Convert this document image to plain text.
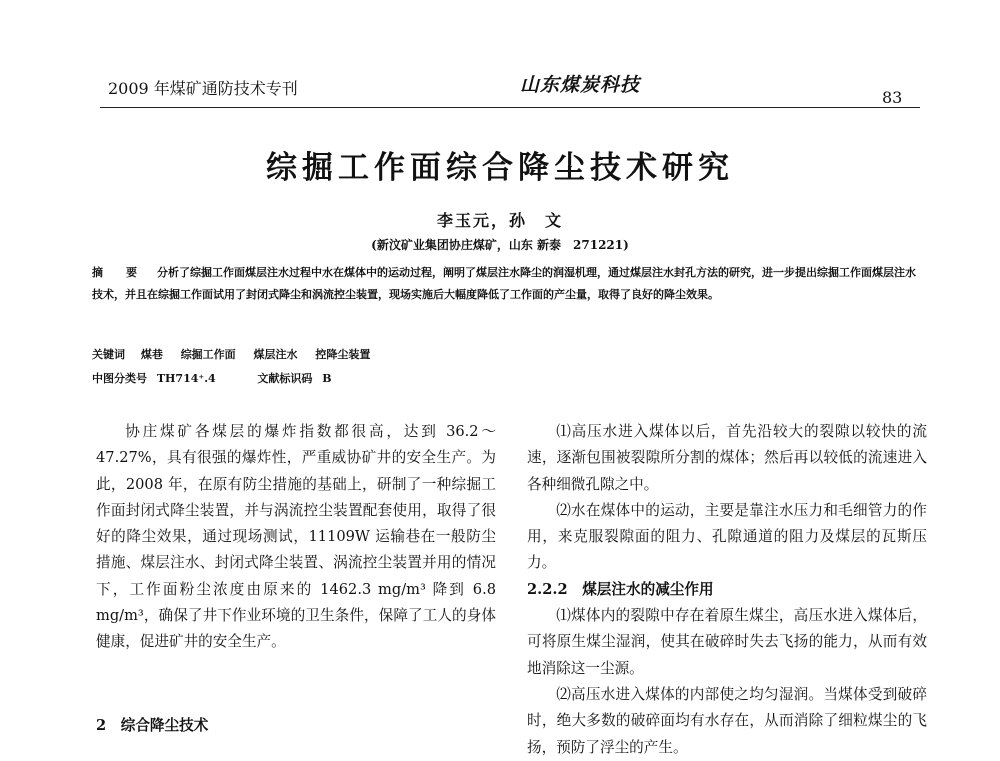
2009 年煤矿通防技术专刊	山东煤炭科技
83
综掘工作面综合降尘技术研究
李玉元，孙　文
(新汶矿业集团协庄煤矿，山东 新泰　271221)
摘　要 分析了综掘工作面煤层注水过程中水在煤体中的运动过程，阐明了煤层注水降尘的润湿机理，通过煤层注水封孔方法的研究，进一步提出综掘工作面煤层注水技术，并且在综掘工作面试用了封闭式降尘和涡流控尘装置，现场实施后大幅度降低了工作面的产尘量，取得了良好的降尘效果。
关键词 煤巷 综掘工作面 煤层注水 控降尘装置
中图分类号 TH714⁺.4	文献标识码 B

协庄煤矿各煤层的爆炸指数都很高，达到 36.2～47.27%，具有很强的爆炸性，严重威协矿井的安全生产。为此，2008 年，在原有防尘措施的基础上，研制了一种综掘工作面封闭式降尘装置，并与涡流控尘装置配套使用，取得了很好的降尘效果，通过现场测试，11109W 运输巷在一般防尘措施、煤层注水、封闭式降尘装置、涡流控尘装置并用的情况下，工作面粉尘浓度由原来的 1462.3 mg/m³ 降到 6.8 mg/m³，确保了井下作业环境的卫生条件，保障了工人的身体健康，促进矿井的安全生产。

2　综合降尘技术

⑴高压水进入煤体以后，首先沿较大的裂隙以较快的流速，逐渐包围被裂隙所分割的煤体；然后再以较低的流速进入各种细微孔隙之中。

⑵水在煤体中的运动，主要是靠注水压力和毛细管力的作用，来克服裂隙面的阻力、孔隙通道的阻力及煤层的瓦斯压力。

2.2.2　煤层注水的减尘作用

⑴煤体内的裂隙中存在着原生煤尘，高压水进入煤体后，可将原生煤尘湿润，使其在破碎时失去飞扬的能力，从而有效地消除这一尘源。

⑵高压水进入煤体的内部使之均匀湿润。当煤体受到破碎时，绝大多数的破碎面均有水存在，从而消除了细粒煤尘的飞扬，预防了浮尘的产生。
